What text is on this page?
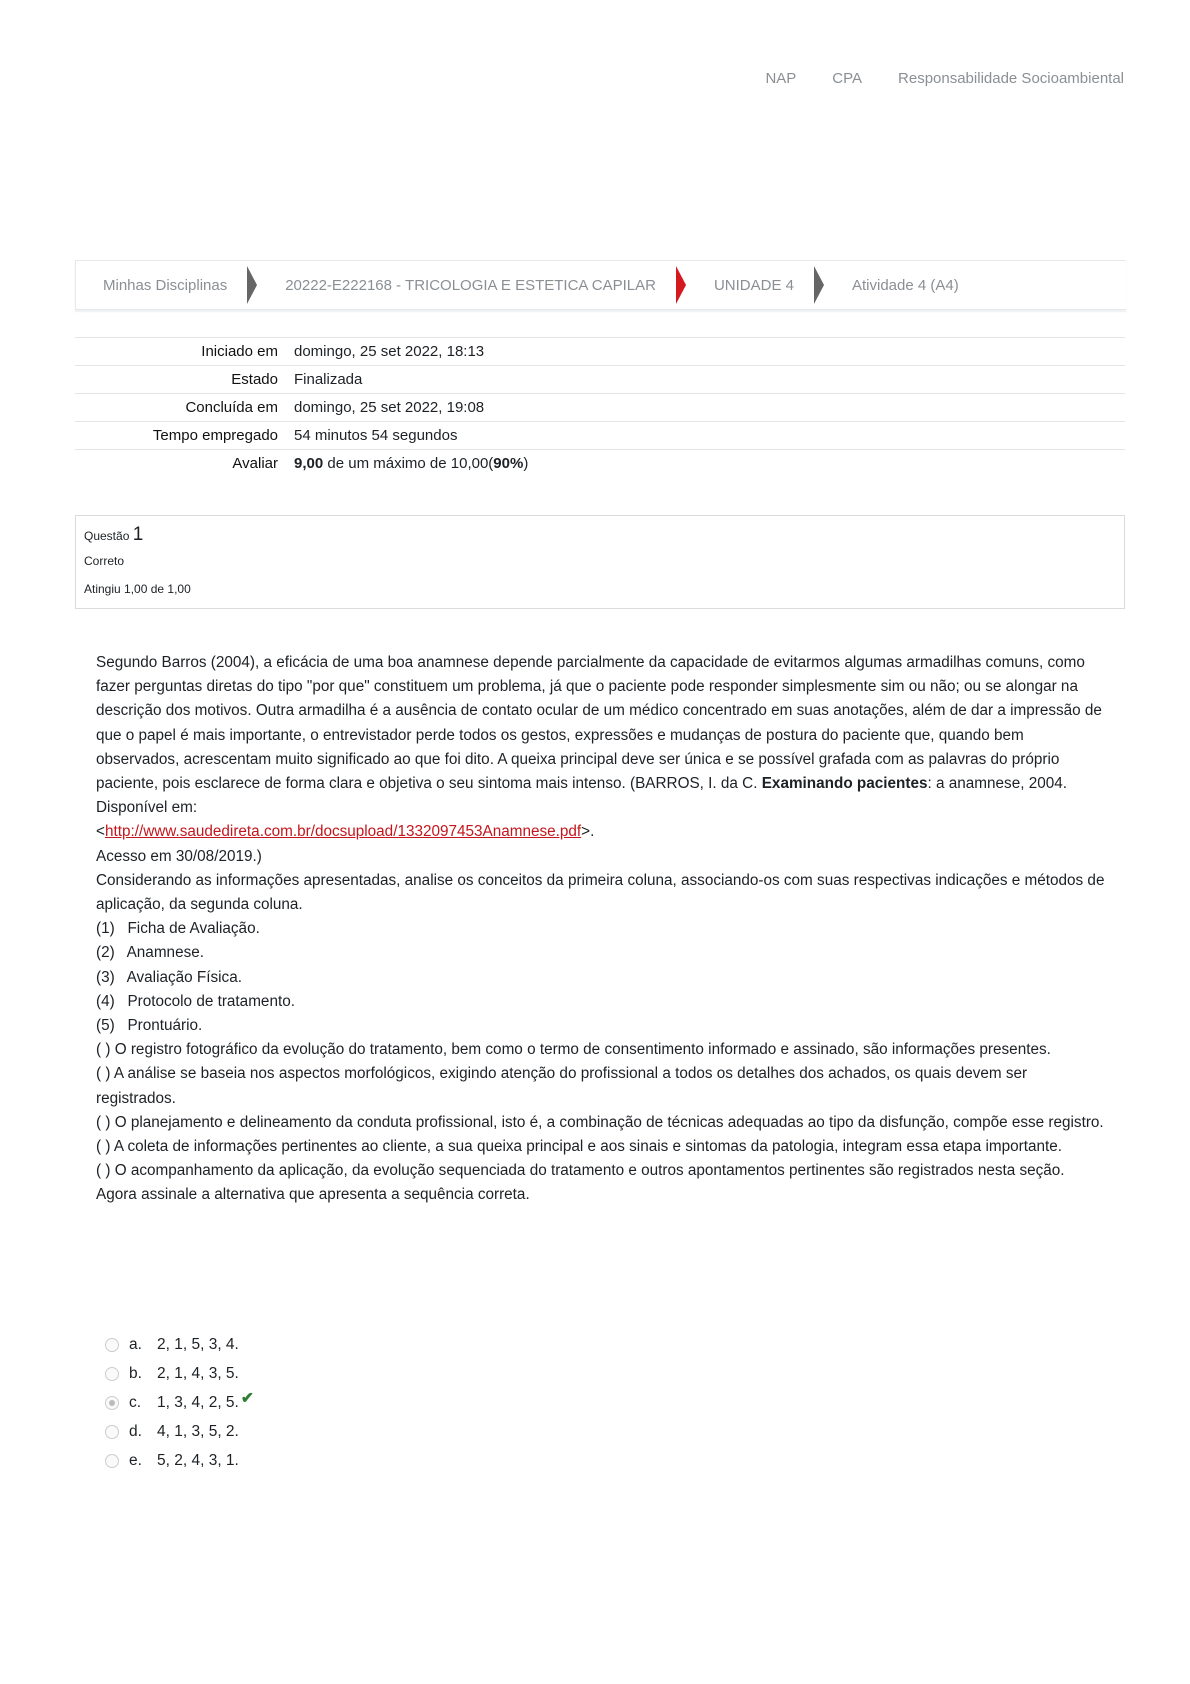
NAP CPA Responsabilidade Socioambiental
Minhas Disciplinas	20222-E222168 - TRICOLOGIA E ESTETICA CAPILAR	UNIDADE 4	Atividade 4 (A4)
Iniciado em	domingo, 25 set 2022, 18:13
Estado	Finalizada
Concluída em	domingo, 25 set 2022, 19:08
Tempo empregado	54 minutos 54 segundos
Avaliar	9,00 de um máximo de 10,00(90%)
Questão 1
Correto
Atingiu 1,00 de 1,00

Segundo Barros (2004), a eficácia de uma boa anamnese depende parcialmente da capacidade de evitarmos algumas armadilhas comuns, como fazer perguntas diretas do tipo "por que" constituem um problema, já que o paciente pode responder simplesmente sim ou não; ou se alongar na descrição dos motivos. Outra armadilha é a ausência de contato ocular de um médico concentrado em suas anotações, além de dar a impressão de que o papel é mais importante, o entrevistador perde todos os gestos, expressões e mudanças de postura do paciente que, quando bem observados, acrescentam muito significado ao que foi dito. A queixa principal deve ser única e se possível grafada com as palavras do próprio paciente, pois esclarece de forma clara e objetiva o seu sintoma mais intenso. (BARROS, I. da C. Examinando pacientes: a anamnese, 2004. Disponível em:

<http://www.saudedireta.com.br/docsupload/1332097453Anamnese.pdf>.

Acesso em 30/08/2019.)

Considerando as informações apresentadas, analise os conceitos da primeira coluna, associando-os com suas respectivas indicações e métodos de aplicação, da segunda coluna.

(1)   Ficha de Avaliação.

(2)   Anamnese.

(3)   Avaliação Física.

(4)   Protocolo de tratamento.

(5)   Prontuário.

( ) O registro fotográfico da evolução do tratamento, bem como o termo de consentimento informado e assinado, são informações presentes.

( ) A análise se baseia nos aspectos morfológicos, exigindo atenção do profissional a todos os detalhes dos achados, os quais devem ser registrados.

( ) O planejamento e delineamento da conduta profissional, isto é, a combinação de técnicas adequadas ao tipo da disfunção, compõe esse registro.

( ) A coleta de informações pertinentes ao cliente, a sua queixa principal e aos sinais e sintomas da patologia, integram essa etapa importante.

( ) O acompanhamento da aplicação, da evolução sequenciada do tratamento e outros apontamentos pertinentes são registrados nesta seção.

Agora assinale a alternativa que apresenta a sequência correta.

a. 2, 1, 5, 3, 4.
b. 2, 1, 4, 3, 5.
c.	1, 3, 4, 2, 5. ✔
d. 4, 1, 3, 5, 2.
e. 5, 2, 4, 3, 1.
